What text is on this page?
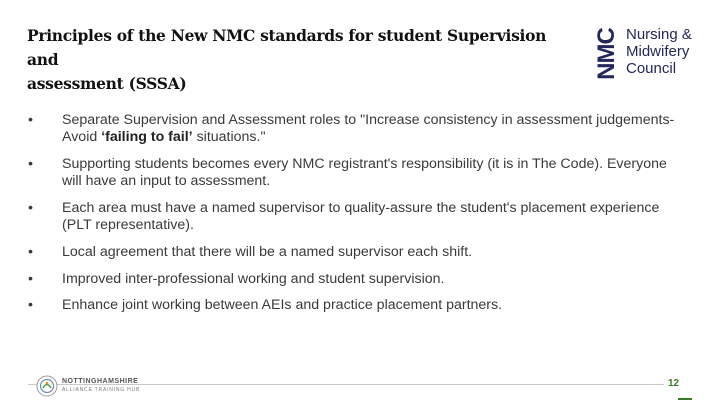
Principles of the New NMC standards for student Supervision and
assessment (SSSA)
NMC Nursing &
Midwifery
Council
•	Separate Supervision and Assessment roles to "Increase consistency in assessment judgements- Avoid ‘failing to fail’ situations."
•	Supporting students becomes every NMC registrant's responsibility (it is in The Code). Everyone will have an input to assessment.
•	Each area must have a named supervisor to quality-assure the student's placement experience (PLT representative).
•	Local agreement that there will be a named supervisor each shift.
•	Improved inter-professional working and student supervision.
•	Enhance joint working between AEIs and practice placement partners.
NOTTINGHAMSHIRE
ALLIANCE TRAINING HUB
12
